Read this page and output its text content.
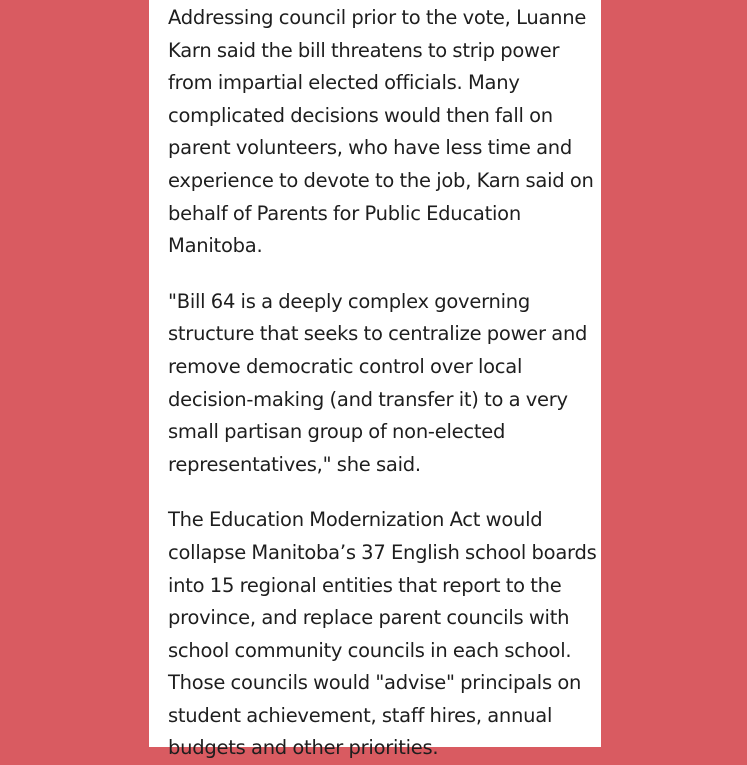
Addressing council prior to the vote, Luanne
Karn said the bill threatens to strip power
from impartial elected officials. Many
complicated decisions would then fall on
parent volunteers, who have less time and
experience to devote to the job, Karn said on
behalf of Parents for Public Education
Manitoba.

"Bill 64 is a deeply complex governing
structure that seeks to centralize power and
remove democratic control over local
decision-making (and transfer it) to a very
small partisan group of non-elected
representatives," she said.

The Education Modernization Act would
collapse Manitoba’s 37 English school boards
into 15 regional entities that report to the
province, and replace parent councils with
school community councils in each school.
Those councils would "advise" principals on
student achievement, staff hires, annual
budgets and other priorities.
